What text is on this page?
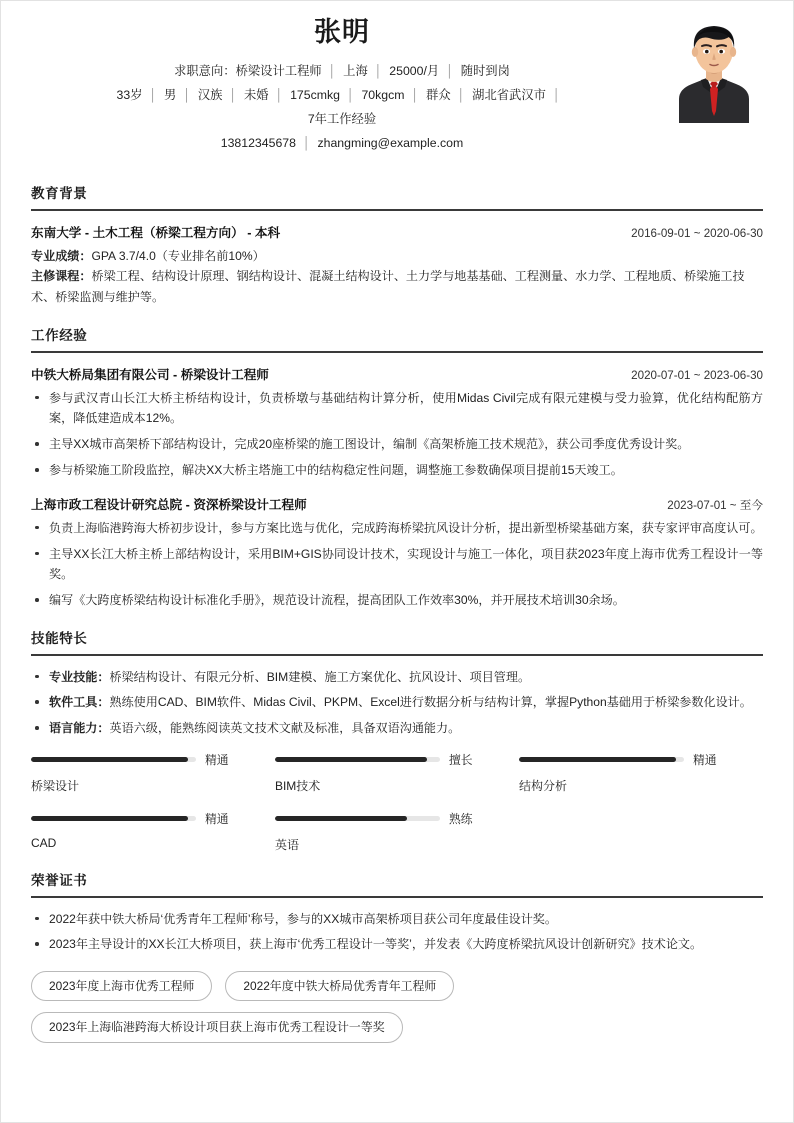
张明
求职意向：桥梁设计工程师 │ 上海 │ 25000/月 │ 随时到岗
33岁 │ 男 │ 汉族 │ 未婚 │ 175cmkg │ 70kgcm │ 群众 │ 湖北省武汉市 │
7年工作经验
13812345678 │ zhangming@example.com
教育背景
东南大学 - 土木工程（桥梁工程方向） - 本科	2016-09-01 ~ 2020-06-30
专业成绩：GPA 3.7/4.0（专业排名前10%）
主修课程：桥梁工程、结构设计原理、钢结构设计、混凝土结构设计、土力学与地基基础、工程测量、水力学、工程地质、桥梁施工技术、桥梁监测与维护等。
工作经验
中铁大桥局集团有限公司 - 桥梁设计工程师	2020-07-01 ~ 2023-06-30
参与武汉青山长江大桥主桥结构设计，负责桥墩与基础结构计算分析，使用Midas Civil完成有限元建模与受力验算，优化结构配筋方案，降低建造成本12%。
主导XX城市高架桥下部结构设计，完成20座桥梁的施工图设计，编制《高架桥施工技术规范》，获公司季度优秀设计奖。
参与桥梁施工阶段监控，解决XX大桥主塔施工中的结构稳定性问题，调整施工参数确保项目提前15天竣工。
上海市政工程设计研究总院 - 资深桥梁设计工程师	2023-07-01 ~ 至今
负责上海临港跨海大桥初步设计，参与方案比选与优化，完成跨海桥梁抗风设计分析，提出新型桥梁基础方案，获专家评审高度认可。
主导XX长江大桥主桥上部结构设计，采用BIM+GIS协同设计技术，实现设计与施工一体化，项目获2023年度上海市优秀工程设计一等奖。
编写《大跨度桥梁结构设计标准化手册》，规范设计流程，提高团队工作效率30%，并开展技术培训30余场。
技能特长
专业技能：桥梁结构设计、有限元分析、BIM建模、施工方案优化、抗风设计、项目管理。
软件工具：熟练使用CAD、BIM软件、Midas Civil、PKPM、Excel进行数据分析与结构计算，掌握Python基础用于桥梁参数化设计。
语言能力：英语六级，能熟练阅读英文技术文献及标准，具备双语沟通能力。
精通
桥梁设计
擅长
BIM技术
精通
结构分析
精通
CAD
熟练
英语
荣誉证书
2022年获中铁大桥局‘优秀青年工程师’称号，参与的XX城市高架桥项目获公司年度最佳设计奖。
2023年主导设计的XX长江大桥项目，获上海市‘优秀工程设计一等奖’，并发表《大跨度桥梁抗风设计创新研究》技术论文。
2023年度上海市优秀工程师	2022年度中铁大桥局优秀青年工程师
2023年上海临港跨海大桥设计项目获上海市优秀工程设计一等奖
